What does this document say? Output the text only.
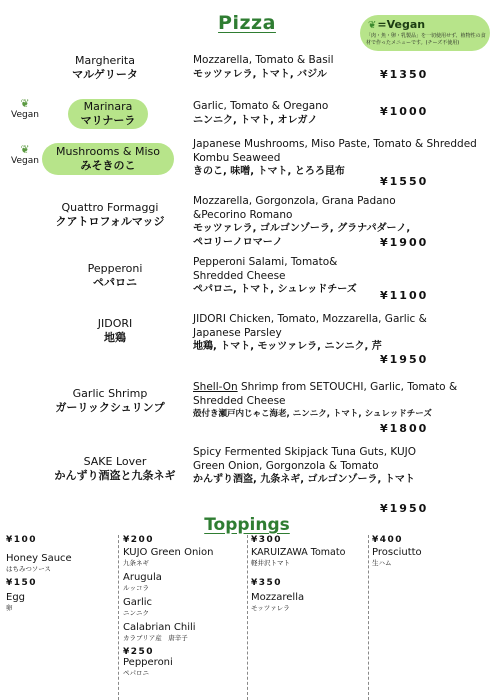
Pizza	❦=Vegan
「肉・魚・卵・乳製品」を一切使用せず、植物性の食材で作ったメニューです。(チーズ不使用)
Margherita
マルゲリータ
Mozzarella, Tomato & Basil
モッツァレラ, トマト, バジル	¥1350
❦
Vegan
Marinara
マリナーラ
Garlic, Tomato & Oregano
ニンニク, トマト, オレガノ
¥1000
❦
Vegan
Mushrooms & Miso
みそきのこ
Japanese Mushrooms, Miso Paste, Tomato & Shredded Kombu Seaweed
きのこ, 味噌, トマト, とろろ昆布
¥1550
Quattro Formaggi
クアトロフォルマッジ
Mozzarella, Gorgonzola, Grana Padano &Pecorino Romano
モッツァレラ, ゴルゴンゾーラ, グラナパダーノ, ペコリーノロマーノ	¥1900
Pepperoni
ペパロニ
Pepperoni Salami, Tomato& Shredded Cheese
ペパロニ, トマト, シュレッドチーズ	¥1100
JIDORI
地鶏
JIDORI Chicken, Tomato, Mozzarella, Garlic & Japanese Parsley
地鶏, トマト, モッツァレラ, ニンニク, 芹
¥1950
Garlic Shrimp
ガーリックシュリンプ
Shell-On Shrimp from SETOUCHI, Garlic, Tomato & Shredded Cheese
殻付き瀬戸内じゃこ海老, ニンニク, トマト, シュレッドチーズ
¥1800
SAKE Lover
かんずり酒盗と九条ネギ
Spicy Fermented Skipjack Tuna Guts, KUJO Green Onion, Gorgonzola & Tomato
かんずり酒盗, 九条ネギ, ゴルゴンゾーラ, トマト
¥1950
Toppings
¥100
Honey Sauce
はちみつソース
¥150
Egg
卵
¥200
KUJO Green Onion
九条ネギ
Arugula
ルッコラ
Garlic
ニンニク
Calabrian Chili
カラブリア産　唐辛子
¥250
Pepperoni
ペパロニ
¥300
KARUIZAWA Tomato
軽井沢トマト
¥350
Mozzarella
モッツァレラ
¥400
Prosciutto
生ハム
